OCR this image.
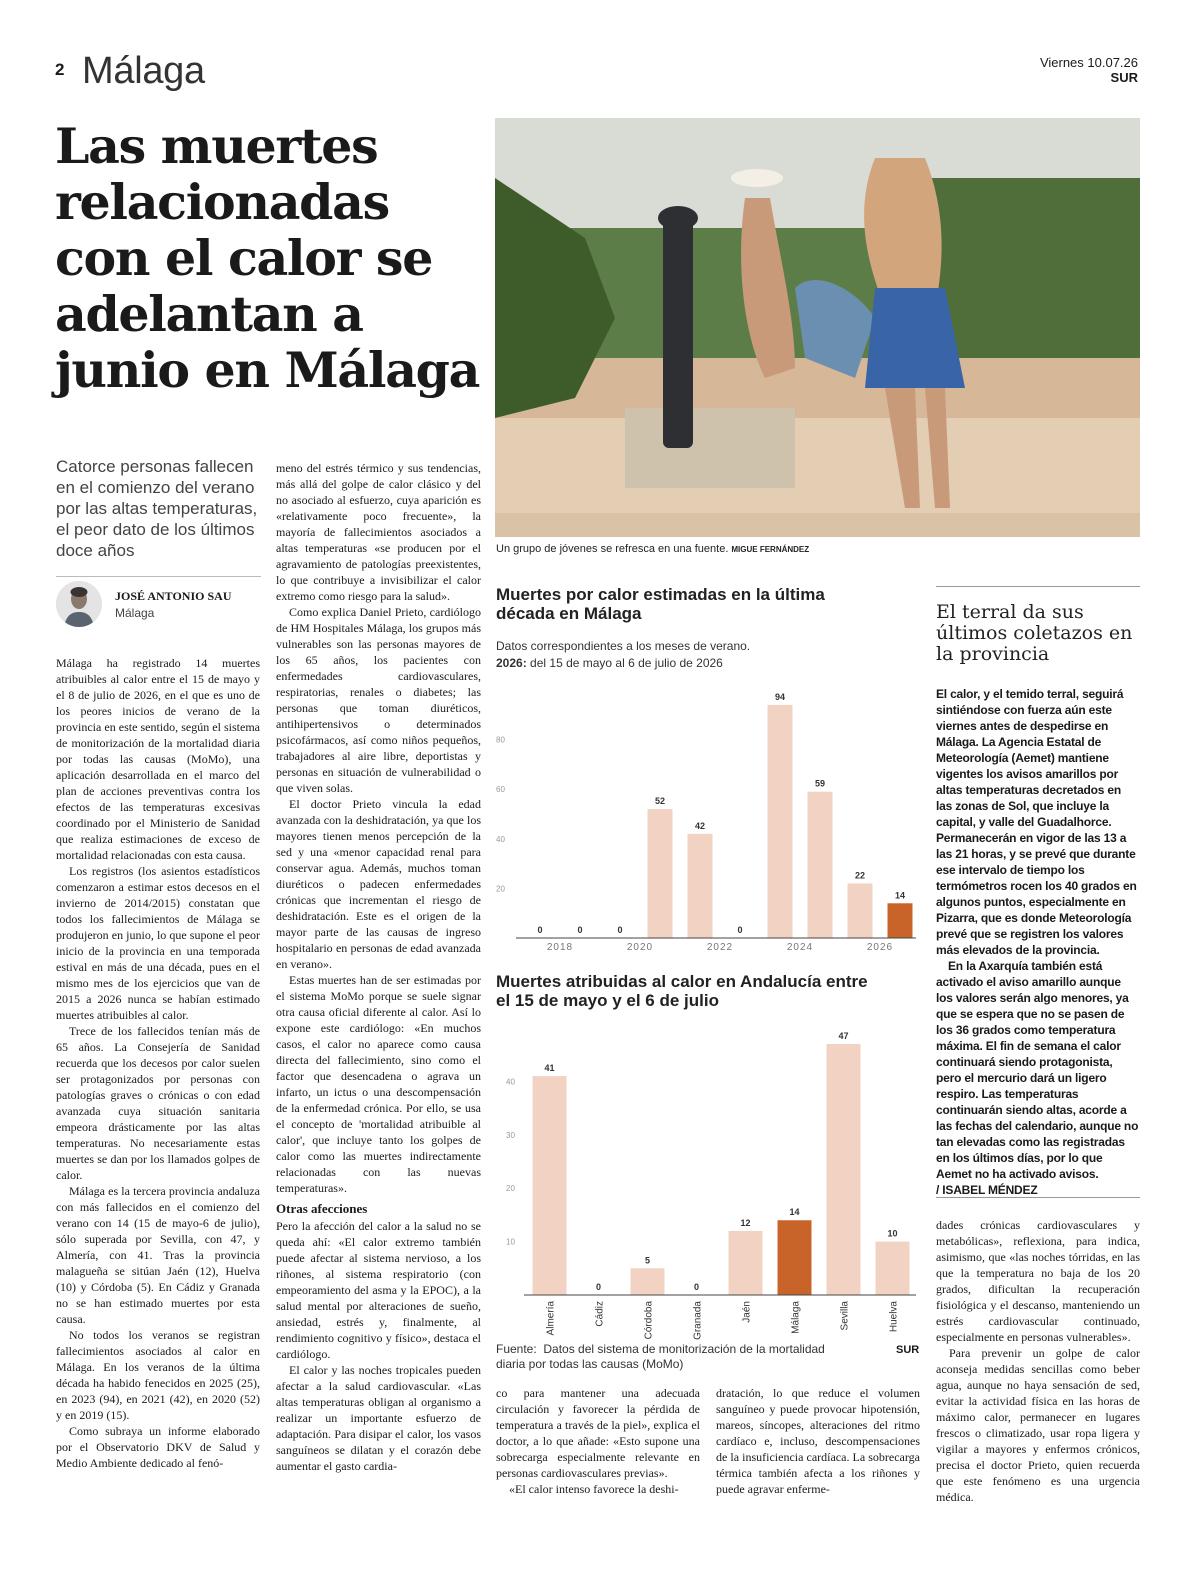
2 Málaga	Viernes 10.07.26
SUR
Las muertes relacionadas con el calor se adelantan a junio en Málaga
Catorce personas fallecen en el comienzo del verano por las altas temperaturas, el peor dato de los últimos doce años
JOSÉ ANTONIO SAU
Málaga

Málaga ha registrado 14 muertes atribuibles al calor entre el 15 de mayo y el 8 de julio de 2026, en el que es uno de los peores inicios de verano de la provincia en este sentido, según el sistema de monitorización de la mortalidad diaria por todas las causas (MoMo), una aplicación desarrollada en el marco del plan de acciones preventivas contra los efectos de las temperaturas excesivas coordinado por el Ministerio de Sanidad que realiza estimaciones de exceso de mortalidad relacionadas con esta causa.

Los registros (los asientos estadísticos comenzaron a estimar estos decesos en el invierno de 2014/2015) constatan que todos los fallecimientos de Málaga se produjeron en junio, lo que supone el peor inicio de la provincia en una temporada estival en más de una década, pues en el mismo mes de los ejercicios que van de 2015 a 2026 nunca se habían estimado muertes atribuibles al calor.

Trece de los fallecidos tenían más de 65 años. La Consejería de Sanidad recuerda que los decesos por calor suelen ser protagonizados por personas con patologías graves o crónicas o con edad avanzada cuya situación sanitaria empeora drásticamente por las altas temperaturas. No necesariamente estas muertes se dan por los llamados golpes de calor.

Málaga es la tercera provincia andaluza con más fallecidos en el comienzo del verano con 14 (15 de mayo-6 de julio), sólo superada por Sevilla, con 47, y Almería, con 41. Tras la provincia malagueña se sitúan Jaén (12), Huelva (10) y Córdoba (5). En Cádiz y Granada no se han estimado muertes por esta causa.

No todos los veranos se registran fallecimientos asociados al calor en Málaga. En los veranos de la última década ha habido fenecidos en 2025 (25), en 2023 (94), en 2021 (42), en 2020 (52) y en 2019 (15).

Como subraya un informe elaborado por el Observatorio DKV de Salud y Medio Ambiente dedicado al fenó-

meno del estrés térmico y sus tendencias, más allá del golpe de calor clásico y del no asociado al esfuerzo, cuya aparición es «relativamente poco frecuente», la mayoría de fallecimientos asociados a altas temperaturas «se producen por el agravamiento de patologías preexistentes, lo que contribuye a invisibilizar el calor extremo como riesgo para la salud».

Como explica Daniel Prieto, cardiólogo de HM Hospitales Málaga, los grupos más vulnerables son las personas mayores de los 65 años, los pacientes con enfermedades cardiovasculares, respiratorias, renales o diabetes; las personas que toman diuréticos, antihipertensivos o determinados psicofármacos, así como niños pequeños, trabajadores al aire libre, deportistas y personas en situación de vulnerabilidad o que viven solas.

El doctor Prieto vincula la edad avanzada con la deshidratación, ya que los mayores tienen menos percepción de la sed y una «menor capacidad renal para conservar agua. Además, muchos toman diuréticos o padecen enfermedades crónicas que incrementan el riesgo de deshidratación. Este es el origen de la mayor parte de las causas de ingreso hospitalario en personas de edad avanzada en verano».

Estas muertes han de ser estimadas por el sistema MoMo porque se suele signar otra causa oficial diferente al calor. Así lo expone este cardiólogo: «En muchos casos, el calor no aparece como causa directa del fallecimiento, sino como el factor que desencadena o agrava un infarto, un ictus o una descompensación de la enfermedad crónica. Por ello, se usa el concepto de 'mortalidad atribuible al calor', que incluye tanto los golpes de calor como las muertes indirectamente relacionadas con las nuevas temperaturas».

Otras afecciones

Pero la afección del calor a la salud no se queda ahí: «El calor extremo también puede afectar al sistema nervioso, a los riñones, al sistema respiratorio (con empeoramiento del asma y la EPOC), a la salud mental por alteraciones de sueño, ansiedad, estrés y, finalmente, al rendimiento cognitivo y físico», destaca el cardiólogo.

El calor y las noches tropicales pueden afectar a la salud cardiovascular. «Las altas temperaturas obligan al organismo a realizar un importante esfuerzo de adaptación. Para disipar el calor, los vasos sanguíneos se dilatan y el corazón debe aumentar el gasto cardia-

Un grupo de jóvenes se refresca en una fuente. MIGUE FERNÁNDEZ
Muertes por calor estimadas en la última década en Málaga
Datos correspondientes a los meses de verano.
2026: del 15 de mayo al 6 de julio de 2026
Muertes atribuidas al calor en Andalucía entre el 15 de mayo y el 6 de julio
20
40
60
80
0	0
2018
0
52
2020
42
0
2022
94
59
2024
22
14
2026
10
20
30
40
41
Almería
0
Cádiz
5
Córdoba
0
Granada
12
Jaén
14
Málaga
47
Sevilla
10
Huelva
Fuente: Datos del sistema de monitorización de la mortalidad diaria por todas las causas (MoMo)
SUR

co para mantener una adecuada circulación y favorecer la pérdida de temperatura a través de la piel», explica el doctor, a lo que añade: «Esto supone una sobrecarga especialmente relevante en personas cardiovasculares previas».

«El calor intenso favorece la deshi-

dratación, lo que reduce el volumen sanguíneo y puede provocar hipotensión, mareos, síncopes, alteraciones del ritmo cardíaco e, incluso, descompensaciones de la insuficiencia cardíaca. La sobrecarga térmica también afecta a los riñones y puede agravar enferme-

El terral da sus últimos coletazos en la provincia

El calor, y el temido terral, seguirá sintiéndose con fuerza aún este viernes antes de despedirse en Málaga. La Agencia Estatal de Meteorología (Aemet) mantiene vigentes los avisos amarillos por altas temperaturas decretados en las zonas de Sol, que incluye la capital, y valle del Guadalhorce. Permanecerán en vigor de las 13 a las 21 horas, y se prevé que durante ese intervalo de tiempo los termómetros rocen los 40 grados en algunos puntos, especialmente en Pizarra, que es donde Meteorología prevé que se registren los valores más elevados de la provincia.

En la Axarquía también está activado el aviso amarillo aunque los valores serán algo menores, ya que se espera que no se pasen de los 36 grados como temperatura máxima. El fin de semana el calor continuará siendo protagonista, pero el mercurio dará un ligero respiro. Las temperaturas continuarán siendo altas, acorde a las fechas del calendario, aunque no tan elevadas como las registradas en los últimos días, por lo que Aemet no ha activado avisos.

/ ISABEL MÉNDEZ

dades crónicas cardiovasculares y metabólicas», reflexiona, para indica, asimismo, que «las noches tórridas, en las que la temperatura no baja de los 20 grados, dificultan la recuperación fisiológica y el descanso, manteniendo un estrés cardiovascular continuado, especialmente en personas vulnerables».

Para prevenir un golpe de calor aconseja medidas sencillas como beber agua, aunque no haya sensación de sed, evitar la actividad física en las horas de máximo calor, permanecer en lugares frescos o climatizado, usar ropa ligera y vigilar a mayores y enfermos crónicos, precisa el doctor Prieto, quien recuerda que este fenómeno es una urgencia médica.
